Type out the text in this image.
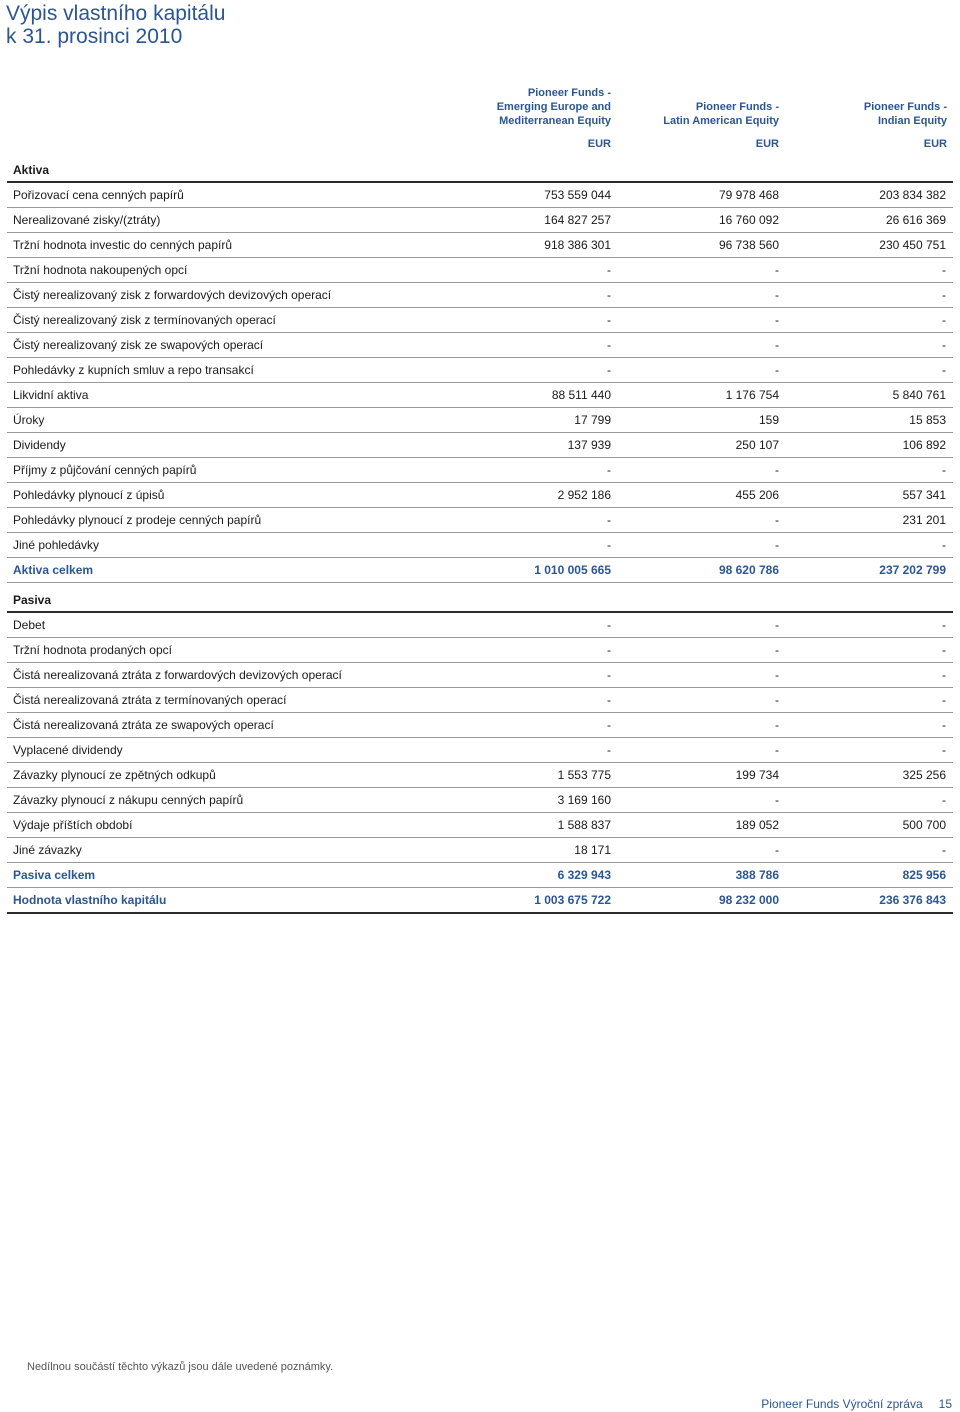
Výpis vlastního kapitálu
k 31. prosinci 2010
Pioneer Funds -
Emerging Europe and
Mediterranean Equity
EUR
Pioneer Funds -
Latin American Equity
EUR
Pioneer Funds -
Indian Equity
EUR
Aktiva
Pořizovací cena cenných papírů	753 559 044	79 978 468	203 834 382
Nerealizované zisky/(ztráty)	164 827 257	16 760 092	26 616 369
Tržní hodnota investic do cenných papírů	918 386 301	96 738 560	230 450 751
Tržní hodnota nakoupených opcí	-	-	-
Čistý nerealizovaný zisk z forwardových devizových operací	-	-	-
Čistý nerealizovaný zisk z termínovaných operací	-	-	-
Čistý nerealizovaný zisk ze swapových operací	-	-	-
Pohledávky z kupních smluv a repo transakcí	-	-	-
Likvidní aktiva	88 511 440	1 176 754	5 840 761
Úroky	17 799	159	15 853
Dividendy	137 939	250 107	106 892
Příjmy z půjčování cenných papírů	-	-	-
Pohledávky plynoucí z úpisů	2 952 186	455 206	557 341
Pohledávky plynoucí z prodeje cenných papírů	-	-	231 201
Jiné pohledávky	-	-	-
Aktiva celkem	1 010 005 665	98 620 786	237 202 799
Pasiva
Debet	-	-	-
Tržní hodnota prodaných opcí	-	-	-
Čistá nerealizovaná ztráta z forwardových devizových operací	-	-	-
Čistá nerealizovaná ztráta z termínovaných operací	-	-	-
Čistá nerealizovaná ztráta ze swapových operací	-	-	-
Vyplacené dividendy	-	-	-
Závazky plynoucí ze zpětných odkupů	1 553 775	199 734	325 256
Závazky plynoucí z nákupu cenných papírů	3 169 160	-	-
Výdaje příštích období	1 588 837	189 052	500 700
Jiné závazky	18 171	-	-
Pasiva celkem	6 329 943	388 786	825 956
Hodnota vlastního kapitálu	1 003 675 722	98 232 000	236 376 843
Nedílnou součástí těchto výkazů jsou dále uvedené poznámky.
Pioneer Funds Výroční zpráva 15
